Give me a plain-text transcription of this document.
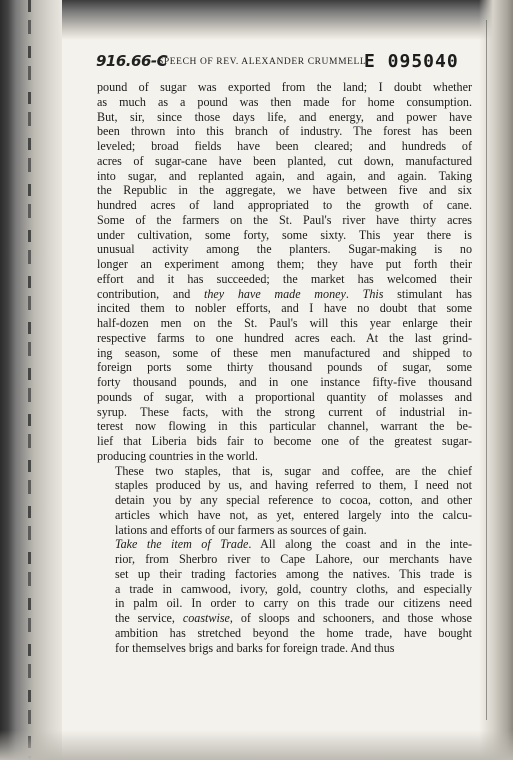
916.66-C
SPEECH OF REV. ALEXANDER CRUMMELL.
E 095040

pound of sugar was exported from the land; I doubt whether
as much as a pound was then made for home consumption.
But, sir, since those days life, and energy, and power have
been thrown into this branch of industry. The forest has been
leveled; broad fields have been cleared; and hundreds of
acres of sugar-cane have been planted, cut down, manufactured
into sugar, and replanted again, and again, and again. Taking
the Republic in the aggregate, we have between five and six
hundred acres of land appropriated to the growth of cane.
Some of the farmers on the St. Paul's river have thirty acres
under cultivation, some forty, some sixty. This year there is
unusual activity among the planters. Sugar-making is no
longer an experiment among them; they have put forth their
effort and it has succeeded; the market has welcomed their
contribution, and they have made money. This stimulant has
incited them to nobler efforts, and I have no doubt that some
half-dozen men on the St. Paul's will this year enlarge their
respective farms to one hundred acres each. At the last grind-
ing season, some of these men manufactured and shipped to
foreign ports some thirty thousand pounds of sugar, some
forty thousand pounds, and in one instance fifty-five thousand
pounds of sugar, with a proportional quantity of molasses and
syrup. These facts, with the strong current of industrial in-
terest now flowing in this particular channel, warrant the be-
lief that Liberia bids fair to become one of the greatest sugar-
producing countries in the world.

These two staples, that is, sugar and coffee, are the chief
staples produced by us, and having referred to them, I need not
detain you by any special reference to cocoa, cotton, and other
articles which have not, as yet, entered largely into the calcu-
lations and efforts of our farmers as sources of gain.

Take the item of Trade. All along the coast and in the inte-
rior, from Sherbro river to Cape Lahore, our merchants have
set up their trading factories among the natives. This trade is
a trade in camwood, ivory, gold, country cloths, and especially
in palm oil. In order to carry on this trade our citizens need
the service, coastwise, of sloops and schooners, and those whose
ambition has stretched beyond the home trade, have bought
for themselves brigs and barks for foreign trade. And thus
